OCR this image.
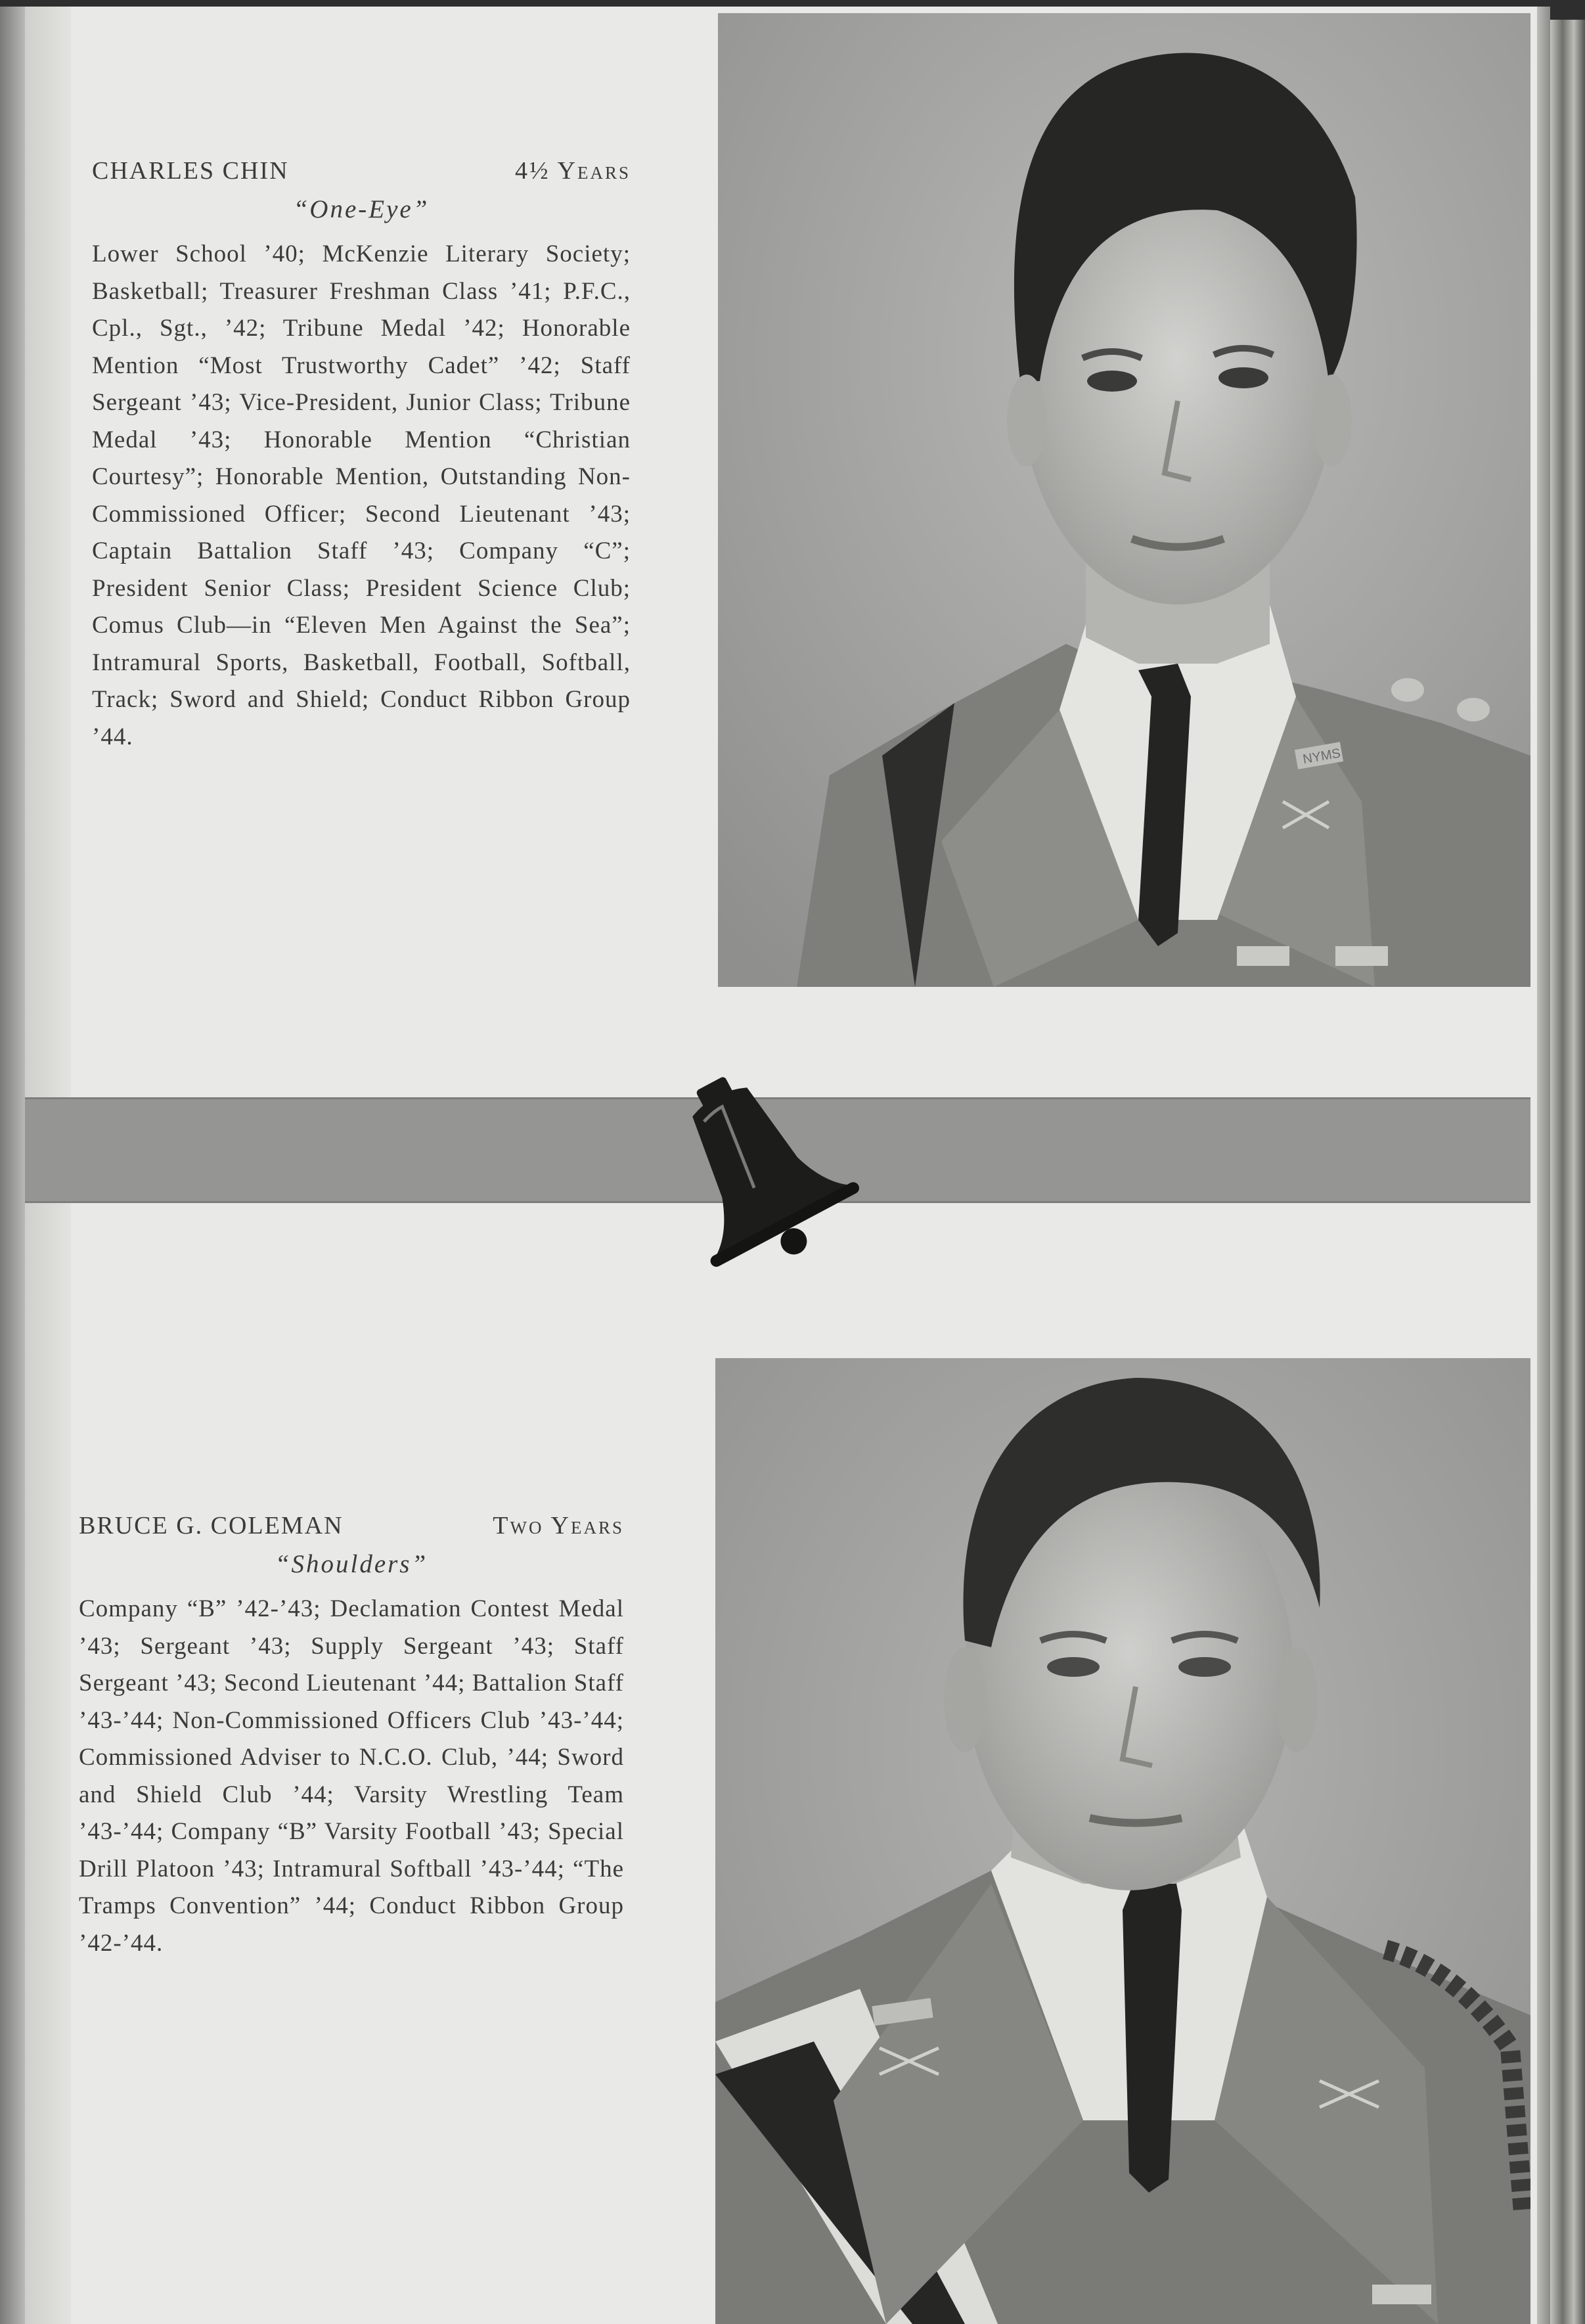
CHARLES CHIN	4½ Years
“One-Eye”
Lower School ’40; McKenzie Literary Society; Basketball; Treasurer Freshman Class ’41; P.F.C., Cpl., Sgt., ’42; Tribune Medal ’42; Honorable Mention “Most Trustworthy Cadet” ’42; Staff Sergeant ’43; Vice-President, Junior Class; Tribune Medal ’43; Honorable Mention “Christian Courtesy”; Honorable Mention, Outstanding Non-Commissioned Officer; Second Lieutenant ’43; Captain Battalion Staff ’43; Company “C”; President Senior Class; President Science Club; Comus Club—in “Eleven Men Against the Sea”; Intramural Sports, Basketball, Football, Softball, Track; Sword and Shield; Conduct Ribbon Group ’44.
NYMS
BRUCE G. COLEMAN	Two Years
“Shoulders”
Company “B” ’42-’43; Declamation Contest Medal ’43; Sergeant ’43; Supply Sergeant ’43; Staff Sergeant ’43; Second Lieutenant ’44; Battalion Staff ’43-’44; Non-Commissioned Officers Club ’43-’44; Commissioned Adviser to N.C.O. Club, ’44; Sword and Shield Club ’44; Varsity Wrestling Team ’43-’44; Company “B” Varsity Football ’43; Special Drill Platoon ’43; Intramural Softball ’43-’44; “The Tramps Convention” ’44; Conduct Ribbon Group ’42-’44.
